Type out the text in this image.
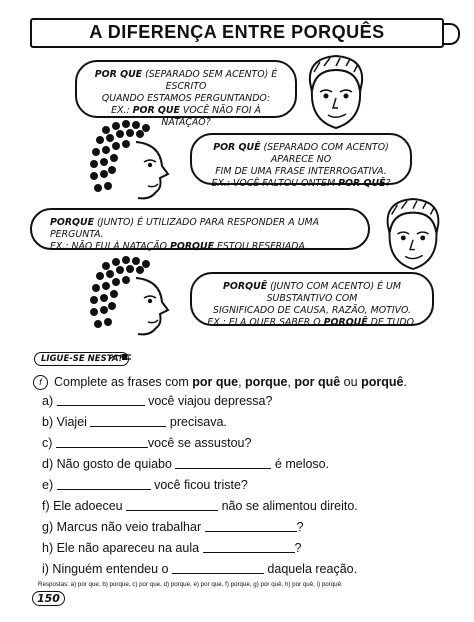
A DIFERENÇA ENTRE PORQUÊS
POR QUE (SEPARADO SEM ACENTO) É ESCRITO
QUANDO ESTAMOS PERGUNTANDO:
EX.: POR QUE VOCÊ NÃO FOI À NATAÇÃO?
POR QUÊ (SEPARADO COM ACENTO) APARECE NO
FIM DE UMA FRASE INTERROGATIVA.
EX.: VOCÊ FALTOU ONTEM POR QUÊ?
PORQUE (JUNTO) É UTILIZADO PARA RESPONDER A UMA PERGUNTA.
EX.: NÃO FUI À NATAÇÃO PORQUE ESTOU RESFRIADA.
PORQUÊ (JUNTO COM ACENTO) É UM SUBSTANTIVO COM
SIGNIFICADO DE CAUSA, RAZÃO, MOTIVO.
EX.: ELA QUER SABER O PORQUÊ DE TUDO.
LIGUE-SE NESTA!
f Complete as frases com por que, porque, por quê ou porquê.
a)	você viajou depressa?
b) Viajei	precisava.
c)	você se assustou?
d) Não gosto de quiabo	é meloso.
e)	você ficou triste?
f) Ele adoeceu	não se alimentou direito.
g) Marcus não veio trabalhar	?
h) Ele não apareceu na aula	?
i) Ninguém entendeu o	daquela reação.
Respostas: a) por que, b) porque, c) por que, d) porque, e) por que, f) porque, g) por quê, h) por quê, i) porquê.
150
